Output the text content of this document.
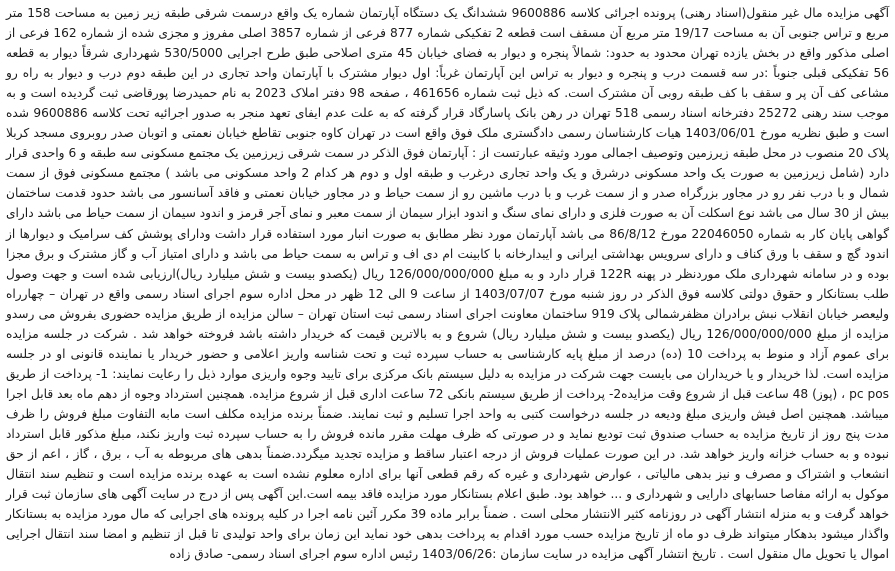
آگهی مزایده مال غیر منقول(اسناد رهنی) پرونده اجرائی کلاسه 9600886 ششدانگ یک دستگاه آپارتمان شماره یک واقع درسمت شرقی طبقه زیر زمین به مساحت 158 متر مربع و تراس جنوبی آن به مساحت 19/17 متر مربع آن مسقف است قطعه 2 تفکیکی شماره 877 فرعی از شماره 3857 اصلی مفروز و مجزی شده از شماره 162 فرعی از اصلی مذکور واقع در بخش یازده تهران محدود به حدود: شمالاً پنجره و دیوار به فضای خیابان 45 متری اصلاحی طبق طرح اجرایی 530/5000 شهرداری شرقاً دیوار به قطعه 56 تفکیکی قبلی جنوباً :در سه قسمت درب و پنجره و دیوار به تراس این آپارتمان غرباً: اول دیوار مشترک با آپارتمان واحد تجاری در این طبقه دوم درب و دیوار به راه رو مشاعی کف آن پر و سقف با کف طبقه روبی آن مشترک است. که ذیل ثبت شماره 461656 ، صفحه 98 دفتر املاک 2023 به نام حمیدرضا پورقاضی ثبت گردیده است و به موجب سند رهنی 25272 دفترخانه اسناد رسمی 518 تهران در رهن بانک پاسارگاد قرار گرفته که به علت عدم ایفای تعهد منجر به صدور اجرائیه تحت کلاسه 9600886 شده است و طبق نظریه مورخ 1403/06/01 هیات کارشناسان رسمی دادگستری ملک فوق واقع است در تهران کاوه جنوبی تقاطع خیابان نعمتی و اتوبان صدر روبروی مسجد کربلا پلاک 20 منصوب در محل طبقه زیرزمین وتوصیف اجمالی مورد وثیقه عبارتست از : آپارتمان فوق الذکر در سمت شرقی زیرزمین یک مجتمع مسکونی سه طبقه و 6 واحدی قرار دارد (شامل زیرزمین به صورت یک واحد مسکونی درشرق و یک واحد تجاری درغرب و طبقه اول و دوم هر کدام 2 واحد مسکونی می باشد ) مجتمع مسکونی فوق از سمت شمال و با درب نفر رو در مجاور بزرگراه صدر و از سمت غرب و با درب ماشین رو از سمت حیاط و در مجاور خیابان نعمتی و فاقد آسانسور می باشد حدود قدمت ساختمان بیش از 30 سال می باشد نوع اسکلت آن به صورت فلزی و دارای نمای سنگ و اندود ابزار سیمان از سمت معبر و نمای آجر قرمز و اندود سیمان از سمت حیاط می باشد دارای گواهی پایان کار به شماره 22046050 مورخ 86/8/12 می باشد آپارتمان مورد نظر مطابق به صورت انبار مورد استفاده قرار داشت ودارای پوشش کف سرامیک و دیوارها از اندود گچ و سقف با ورق کناف و دارای سرویس بهداشتی ایرانی و ایبدارخانه با کابینت ام دی اف و تراس به سمت حیاط می باشد و دارای امتیاز آب و گاز مشترک و برق مجزا بوده و در سامانه شهرداری ملک موردنظر در پهنه 122R قرار دارد و به مبلغ 126/000/000/000 ریال (یکصدو بیست و شش میلیارد ریال)ارزیابی شده است و جهت وصول طلب بستانکار و حقوق دولتی کلاسه فوق الذکر در روز شنبه مورخ 1403/07/07 از ساعت 9 الی 12 ظهر در محل اداره سوم اجرای اسناد رسمی واقع در تهران – چهارراه ولیعصر خیابان انقلاب نبش برادران مظفرشمالی پلاک 919 ساختمان معاونت اجرای اسناد رسمی ثبت استان تهران – سالن مزایده از طریق مزایده حضوری بفروش می رسدو مزایده از مبلغ 126/000/000/000 ریال (یکصدو بیست و شش میلیارد ریال) شروع و به بالاترین قیمت که خریدار داشته باشد فروخته خواهد شد . شرکت در جلسه مزایده برای عموم آزاد و منوط به پرداخت 10 (ده) درصد از مبلغ پایه کارشناسی به حساب سپرده ثبت و تحت شناسه واریز اعلامی و حضور خریدار یا نماینده قانونی او در جلسه مزایده است. لذا خریدار و یا خریداران می بایست جهت شرکت در مزایده به دلیل سیستم بانک مرکزی برای تایید وجوه واریزی موارد ذیل را رعایت نمایند: 1- پرداخت از طریق pc pos ، (پوز) 48 ساعت قبل از شروع وقت مزایده2- پرداخت از طریق سیستم بانکی 72 ساعت اداری قبل از شروع مزایده. همچنین استرداد وجوه از دهم ماه بعد قابل اجرا میباشد. همچنین اصل فیش واریزی مبلغ ودیعه در جلسه درخواست کتبی به واحد اجرا تسلیم و ثبت نمایند. ضمناً برنده مزایده مکلف است مابه التفاوت مبلغ فروش را ظرف مدت پنج روز از تاریخ مزایده به حساب صندوق ثبت تودیع نماید و در صورتی که ظرف مهلت مقرر مانده فروش را به حساب سپرده ثبت واریز نکند، مبلغ مذکور قابل استرداد نبوده و به حساب خزانه واریز خواهد شد. در این صورت عملیات فروش از درجه اعتبار ساقط و مزایده تجدید میگردد.ضمناً بدهی های مربوطه به آب ، برق ، گاز ، اعم از حق انشعاب و اشتراک و مصرف و نیز بدهی مالیاتی ، عوارض شهرداری و غیره که رقم قطعی آنها برای اداره معلوم نشده است به عهده برنده مزایده است و تنظیم سند انتقال موکول به ارائه مفاصا حسابهای دارایی و شهرداری و ... خواهد بود. طبق اعلام بستانکار مورد مزایده فاقد بیمه است.این آگهی پس از درج در سایت آگهی های سازمان ثبت قرار خواهد گرفت و به منزله انتشار آگهی در روزنامه کثیر الانتشار محلی است . ضمناً برابر ماده 39 مکرر آئین نامه اجرا در کلیه پرونده های اجرایی که مال مورد مزایده به بستانکار واگذار میشود بدهکار میتواند ظرف دو ماه از تاریخ مزایده حسب مورد اقدام به پرداخت بدهی خود نماید این زمان برای واحد تولیدی تا قبل از تنظیم و امضا سند انتقال اجرایی اموال یا تحویل مال منقول است . تاریخ انتشار آگهی مزایده در سایت سازمان :1403/06/26 رئیس اداره سوم اجرای اسناد رسمی- صادق زاده
